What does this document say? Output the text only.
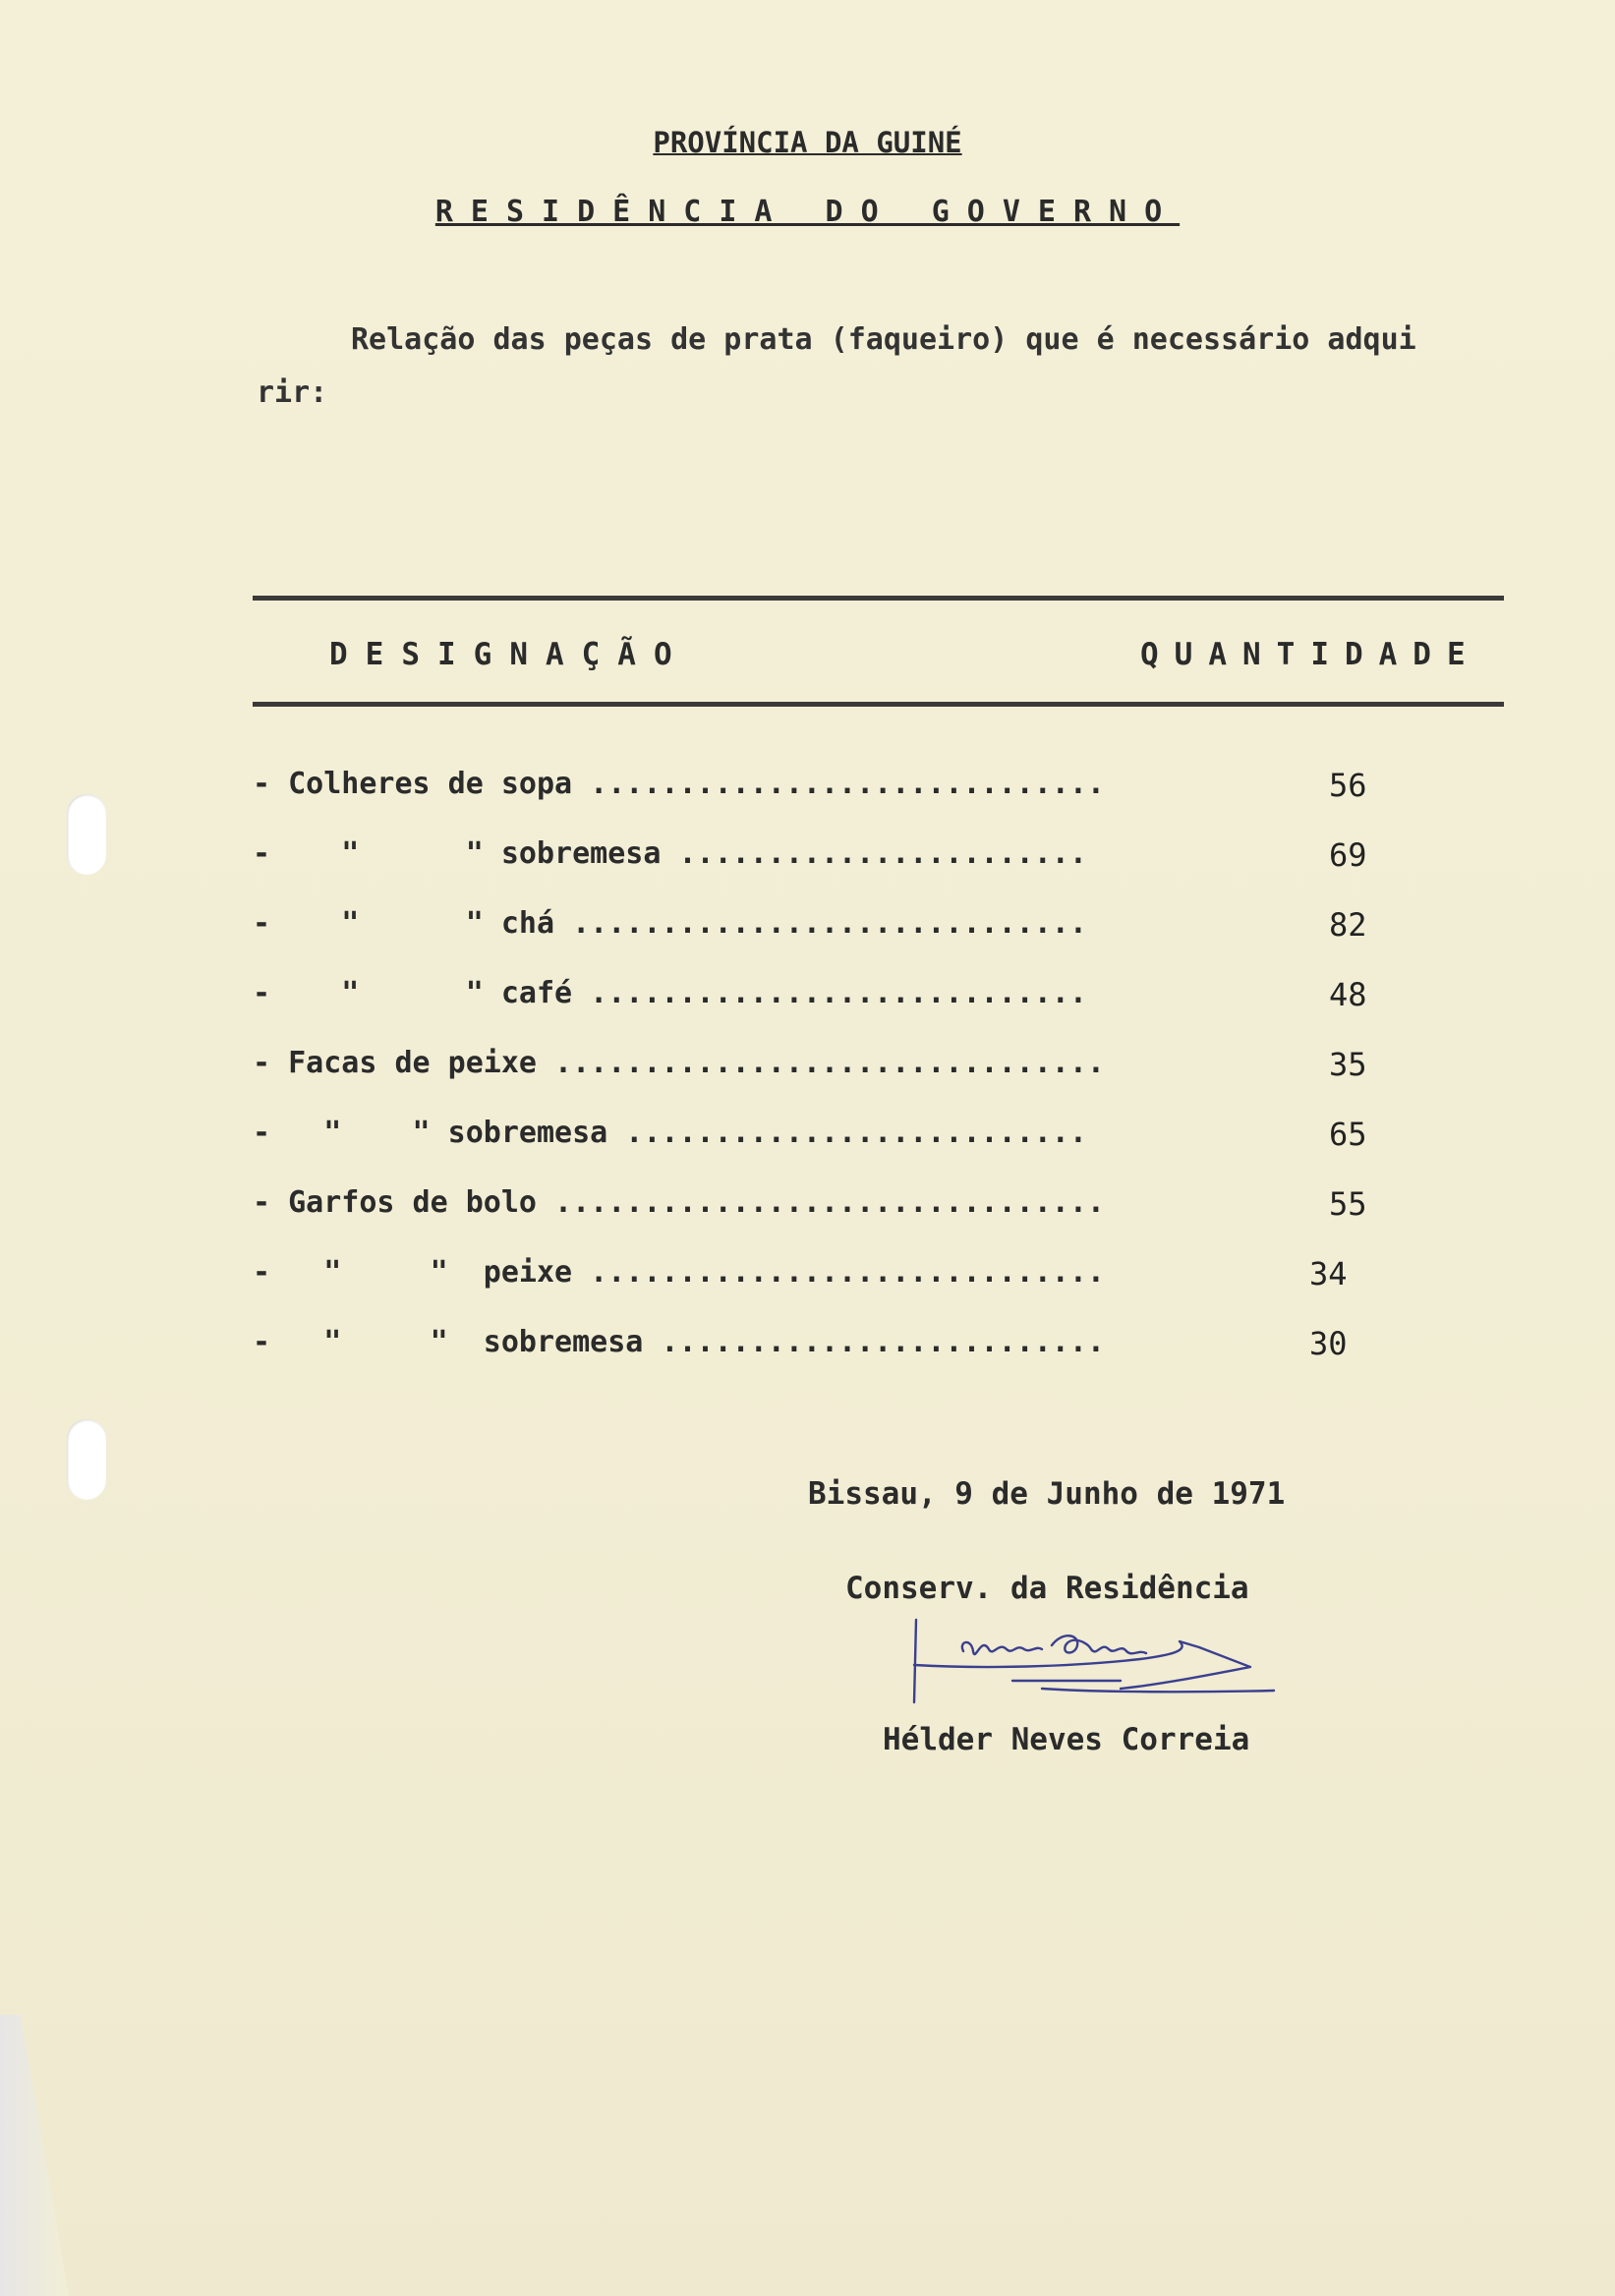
PROVÍNCIA DA GUINÉ
RESIDÊNCIA DO GOVERNO
Relação das peças de prata (faqueiro) que é necessário adqui
rir:
DESIGNAÇÃO	QUANTIDADE
- Colheres de sopa .............................	56
-    "      " sobremesa .......................	69
-    "      " chá .............................	82
-    "      " café ............................	48
- Facas de peixe ...............................	35
-   "    " sobremesa ..........................	65
- Garfos de bolo ...............................	55
-   "     "  peixe .............................	34
-   "     "  sobremesa .........................	30
Bissau, 9 de Junho de 1971
Conserv. da Residência
Hélder Neves Correia
